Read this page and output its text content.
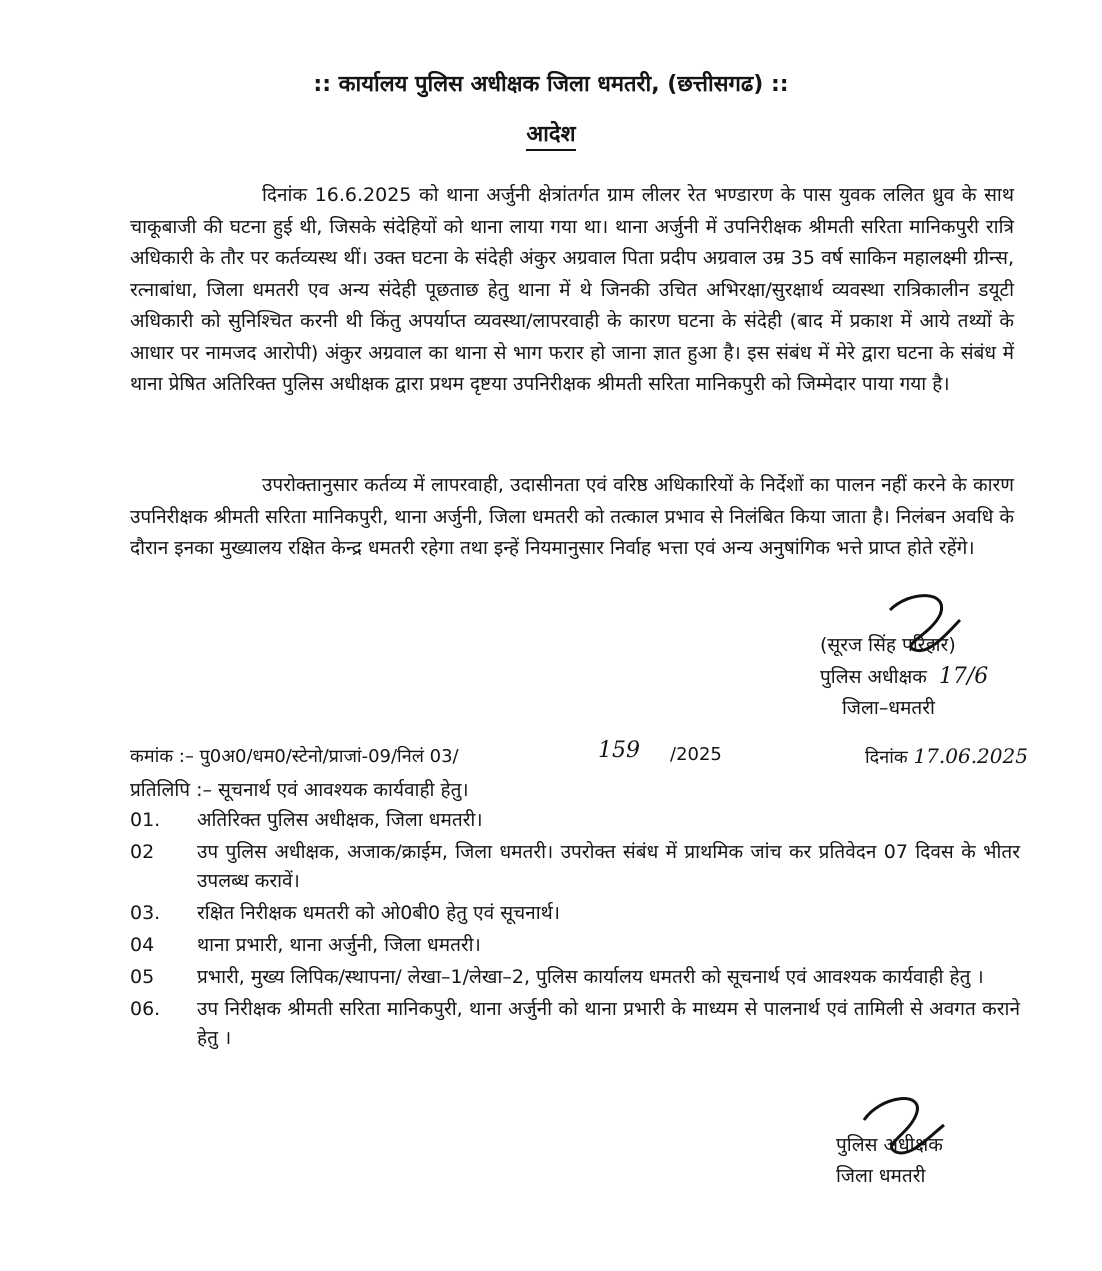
:: कार्यालय पुलिस अधीक्षक जिला धमतरी, (छत्तीसगढ) ::
आदेश

दिनांक 16.6.2025 को थाना अर्जुनी क्षेत्रांतर्गत ग्राम लीलर रेत भण्डारण के पास युवक ललित ध्रुव के साथ चाकूबाजी की घटना हुई थी, जिसके संदेहियों को थाना लाया गया था। थाना अर्जुनी में उपनिरीक्षक श्रीमती सरिता मानिकपुरी रात्रि अधिकारी के तौर पर कर्तव्यस्थ थीं। उक्त घटना के संदेही अंकुर अग्रवाल पिता प्रदीप अग्रवाल उम्र 35 वर्ष साकिन महालक्ष्मी ग्रीन्स, रत्नाबांधा, जिला धमतरी एव अन्य संदेही पूछताछ हेतु थाना में थे जिनकी उचित अभिरक्षा/सुरक्षार्थ व्यवस्था रात्रिकालीन डयूटी अधिकारी को सुनिश्चित करनी थी किंतु अपर्याप्त व्यवस्था/लापरवाही के कारण घटना के संदेही (बाद में प्रकाश में आये तथ्यों के आधार पर नामजद आरोपी) अंकुर अग्रवाल का थाना से भाग फरार हो जाना ज्ञात हुआ है। इस संबंध में मेरे द्वारा घटना के संबंध में थाना प्रेषित अतिरिक्त पुलिस अधीक्षक द्वारा प्रथम दृष्टया उपनिरीक्षक श्रीमती सरिता मानिकपुरी को जिम्मेदार पाया गया है।

उपरोक्तानुसार कर्तव्य में लापरवाही, उदासीनता एवं वरिष्ठ अधिकारियों के निर्देशों का पालन नहीं करने के कारण उपनिरीक्षक श्रीमती सरिता मानिकपुरी, थाना अर्जुनी, जिला धमतरी को तत्काल प्रभाव से निलंबित किया जाता है। निलंबन अवधि के दौरान इनका मुख्यालय रक्षित केन्द्र धमतरी रहेगा तथा इन्हें नियमानुसार निर्वाह भत्ता एवं अन्य अनुषांगिक भत्ते प्राप्त होते रहेंगे।

(सूरज सिंह परिहार)
पुलिस अधीक्षक 17/6
जिला–धमतरी
कमांक :– पु0अ0/धम0/स्टेनो/प्राजां-09/निलं 03/	159 /2025	दिनांक 17.06.2025
प्रतिलिपि :– सूचनार्थ एवं आवश्यक कार्यवाही हेतु।
01.	अतिरिक्त पुलिस अधीक्षक, जिला धमतरी।
02	उप पुलिस अधीक्षक, अजाक/क्राईम, जिला धमतरी। उपरोक्त संबंध में प्राथमिक जांच कर प्रतिवेदन 07 दिवस के भीतर उपलब्ध करावें।
03.	रक्षित निरीक्षक धमतरी को ओ0बी0 हेतु एवं सूचनार्थ।
04	थाना प्रभारी, थाना अर्जुनी, जिला धमतरी।
05	प्रभारी, मुख्य लिपिक/स्थापना/ लेखा–1/लेखा–2, पुलिस कार्यालय धमतरी को सूचनार्थ एवं आवश्यक कार्यवाही हेतु ।
06.	उप निरीक्षक श्रीमती सरिता मानिकपुरी, थाना अर्जुनी को थाना प्रभारी के माध्यम से पालनार्थ एवं तामिली से अवगत कराने हेतु ।
पुलिस अधीक्षक
जिला धमतरी
